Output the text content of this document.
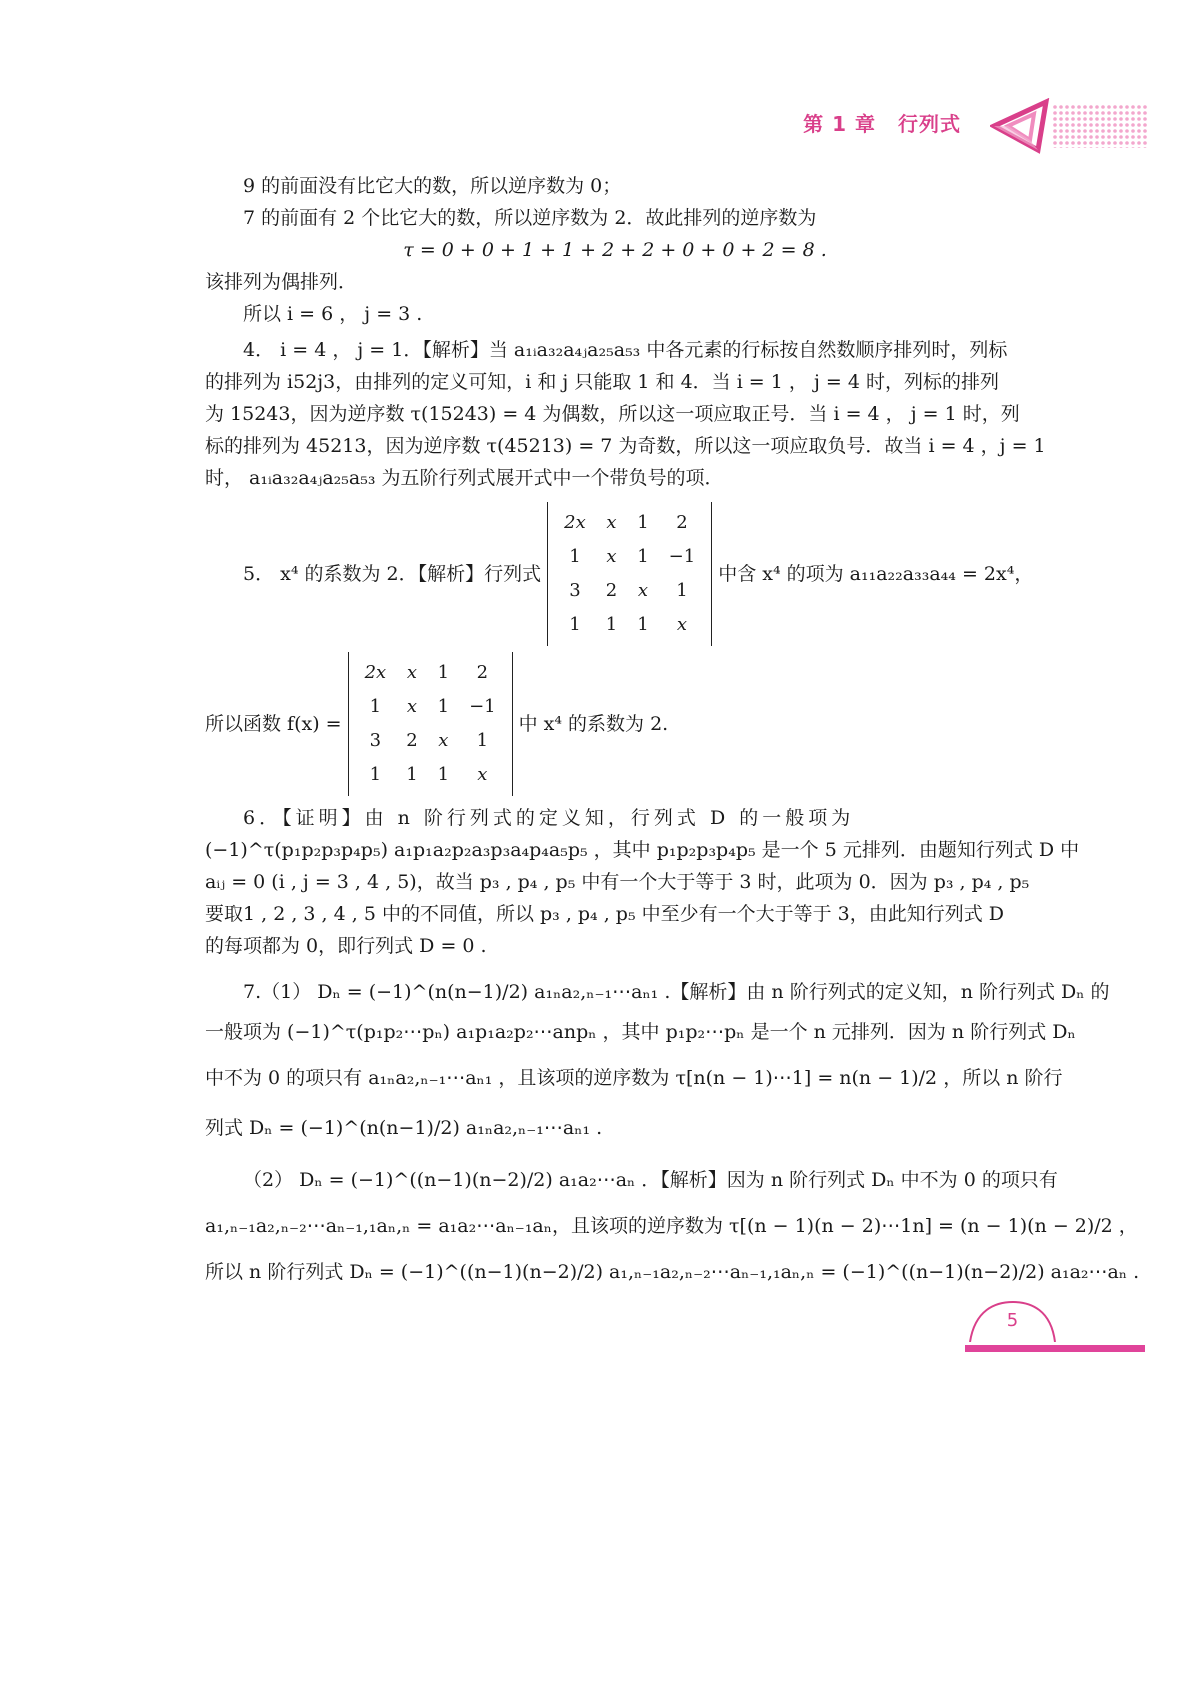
第 1 章 行列式
9 的前面没有比它大的数，所以逆序数为 0；
7 的前面有 2 个比它大的数，所以逆序数为 2．故此排列的逆序数为
τ = 0 + 0 + 1 + 1 + 2 + 2 + 0 + 0 + 2 = 8 .
该排列为偶排列．
所以 i = 6 ， j = 3 .
4． i = 4 ， j = 1．【解析】当 a₁ᵢa₃₂a₄ⱼa₂₅a₅₃ 中各元素的行标按自然数顺序排列时，列标
的排列为 i52j3，由排列的定义可知，i 和 j 只能取 1 和 4．当 i = 1 ， j = 4 时，列标的排列
为 15243，因为逆序数 τ(15243) = 4 为偶数，所以这一项应取正号．当 i = 4 ， j = 1 时，列
标的排列为 45213，因为逆序数 τ(45213) = 7 为奇数，所以这一项应取负号．故当 i = 4 ，j = 1
时， a₁ᵢa₃₂a₄ⱼa₂₅a₅₃ 为五阶行列式展开式中一个带负号的项．
5． x⁴ 的系数为 2．【解析】行列式
2x	x	1	2
1	x	1	−1
3	2	x	1
1	1	1	x
中含 x⁴ 的项为 a₁₁a₂₂a₃₃a₄₄ = 2x⁴，
所以函数 f(x) =
2x	x	1	2
1	x	1	−1
3	2	x	1
1	1	1	x
中 x⁴ 的系数为 2.
6．【证明】由 n 阶行列式的定义知，行列式 D 的一般项为
(−1)^τ(p₁p₂p₃p₄p₅) a₁p₁a₂p₂a₃p₃a₄p₄a₅p₅ ，其中 p₁p₂p₃p₄p₅ 是一个 5 元排列．由题知行列式 D 中
aᵢⱼ = 0 (i , j = 3 , 4 , 5)，故当 p₃ , p₄ , p₅ 中有一个大于等于 3 时，此项为 0．因为 p₃ , p₄ , p₅
要取1 , 2 , 3 , 4 , 5 中的不同值，所以 p₃ , p₄ , p₅ 中至少有一个大于等于 3，由此知行列式 D
的每项都为 0，即行列式 D = 0 .
7.（1） Dₙ = (−1)^(n(n−1)/2) a₁ₙa₂,ₙ₋₁⋯aₙ₁ .【解析】由 n 阶行列式的定义知，n 阶行列式 Dₙ 的
一般项为 (−1)^τ(p₁p₂⋯pₙ) a₁p₁a₂p₂⋯anpₙ ，其中 p₁p₂⋯pₙ 是一个 n 元排列．因为 n 阶行列式 Dₙ
中不为 0 的项只有 a₁ₙa₂,ₙ₋₁⋯aₙ₁ ，且该项的逆序数为 τ[n(n − 1)⋯1] = n(n − 1)/2 ，所以 n 阶行
列式 Dₙ = (−1)^(n(n−1)/2) a₁ₙa₂,ₙ₋₁⋯aₙ₁ .
（2） Dₙ = (−1)^((n−1)(n−2)/2) a₁a₂⋯aₙ ．【解析】因为 n 阶行列式 Dₙ 中不为 0 的项只有
a₁,ₙ₋₁a₂,ₙ₋₂⋯aₙ₋₁,₁aₙ,ₙ = a₁a₂⋯aₙ₋₁aₙ，且该项的逆序数为 τ[(n − 1)(n − 2)⋯1n] = (n − 1)(n − 2)/2 ，
所以 n 阶行列式 Dₙ = (−1)^((n−1)(n−2)/2) a₁,ₙ₋₁a₂,ₙ₋₂⋯aₙ₋₁,₁aₙ,ₙ = (−1)^((n−1)(n−2)/2) a₁a₂⋯aₙ .
5
